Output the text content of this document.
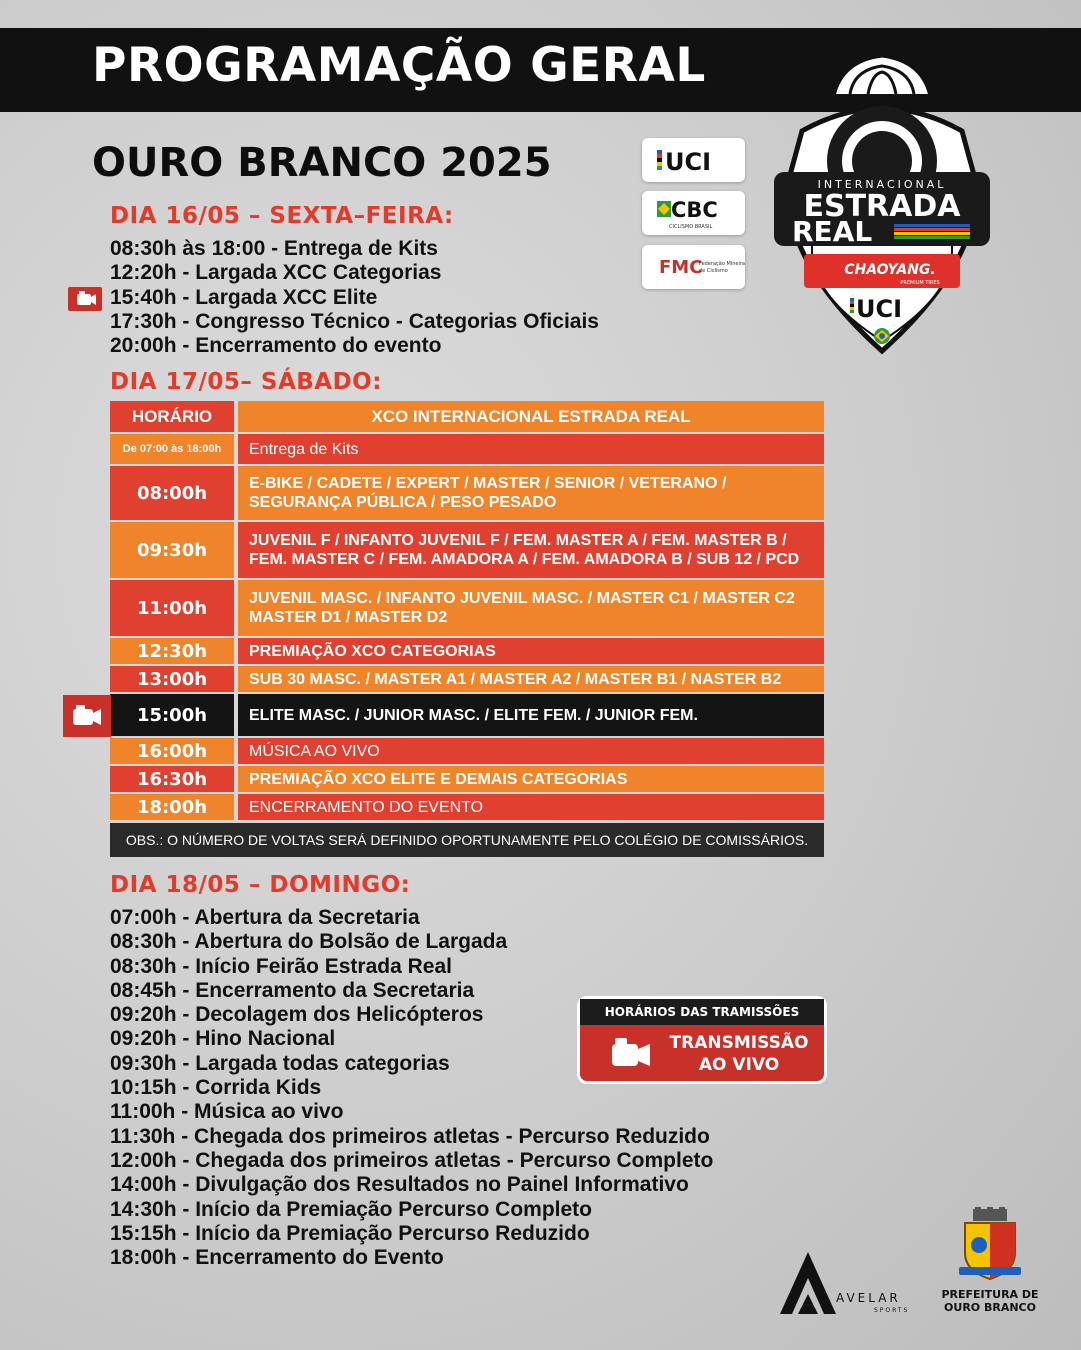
PROGRAMAÇÃO GERAL
OURO BRANCO 2025	UCI
CBC
CICLISMO BRASIL
FMC
Federação Mineira
de Ciclismo
INTERNACIONAL
ESTRADA
REAL
CHAOYANG.
PREMIUM TIRES
UCI
DIA 16/05 – SEXTA–FEIRA:
08:30h às 18:00 - Entrega de Kits
12:20h - Largada XCC Categorias
15:40h - Largada XCC Elite
17:30h - Congresso Técnico - Categorias Oficiais
20:00h - Encerramento do evento
DIA 17/05– SÁBADO:
HORÁRIO	XCO INTERNACIONAL ESTRADA REAL
De 07:00 às 18:00h	Entrega de Kits
08:00h	E-BIKE / CADETE / EXPERT / MASTER / SENIOR / VETERANO / SEGURANÇA PÚBLICA / PESO PESADO
09:30h	JUVENIL F / INFANTO JUVENIL F / FEM. MASTER A / FEM. MASTER B / FEM. MASTER C / FEM. AMADORA A / FEM. AMADORA B / SUB 12 / PCD
11:00h	JUVENIL MASC. / INFANTO JUVENIL MASC. / MASTER C1 / MASTER C2 MASTER D1 / MASTER D2
12:30h	PREMIAÇÃO XCO CATEGORIAS
13:00h	SUB 30 MASC. / MASTER A1 / MASTER A2 / MASTER B1 / NASTER B2
15:00h	ELITE MASC. / JUNIOR MASC. / ELITE FEM. / JUNIOR FEM.
16:00h	MÚSICA AO VIVO
16:30h	PREMIAÇÃO XCO ELITE E DEMAIS CATEGORIAS
18:00h	ENCERRAMENTO DO EVENTO
OBS.: O NÚMERO DE VOLTAS SERÁ DEFINIDO OPORTUNAMENTE PELO COLÉGIO DE COMISSÁRIOS.
DIA 18/05 – DOMINGO:
07:00h - Abertura da Secretaria
08:30h - Abertura do Bolsão de Largada
08:30h - Início Feirão Estrada Real
08:45h - Encerramento da Secretaria
09:20h - Decolagem dos Helicópteros
09:20h - Hino Nacional
09:30h - Largada todas categorias
10:15h - Corrida Kids
11:00h - Música ao vivo
11:30h - Chegada dos primeiros atletas - Percurso Reduzido
12:00h - Chegada dos primeiros atletas - Percurso Completo
14:00h - Divulgação dos Resultados no Painel Informativo
14:30h - Início da Premiação Percurso Completo
15:15h - Início da Premiação Percurso Reduzido
18:00h - Encerramento do Evento
HORÁRIOS DAS TRAMISSÕES
TRANSMISSÃO
AO VIVO
AVELAR
SPORTS
PREFEITURA DE
OURO BRANCO
